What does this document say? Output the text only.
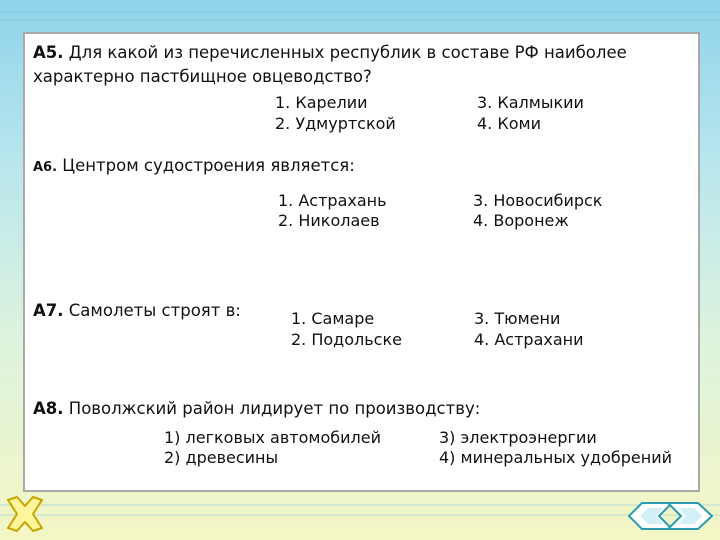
А5. Для какой из перечисленных республик в составе РФ наиболее
характерно пастбищное овцеводство?
1. Карелии
2. Удмуртской
3. Калмыкии
4. Коми
А6. Центром судостроения является:
1. Астрахань
2. Николаев
3. Новосибирск
4. Воронеж
А7. Самолеты строят в:	1. Самаре
2. Подольске
3. Тюмени
4. Астрахани
А8. Поволжский район лидирует по производству:
1) легковых автомобилей
2) древесины
3) электроэнергии
4) минеральных удобрений
